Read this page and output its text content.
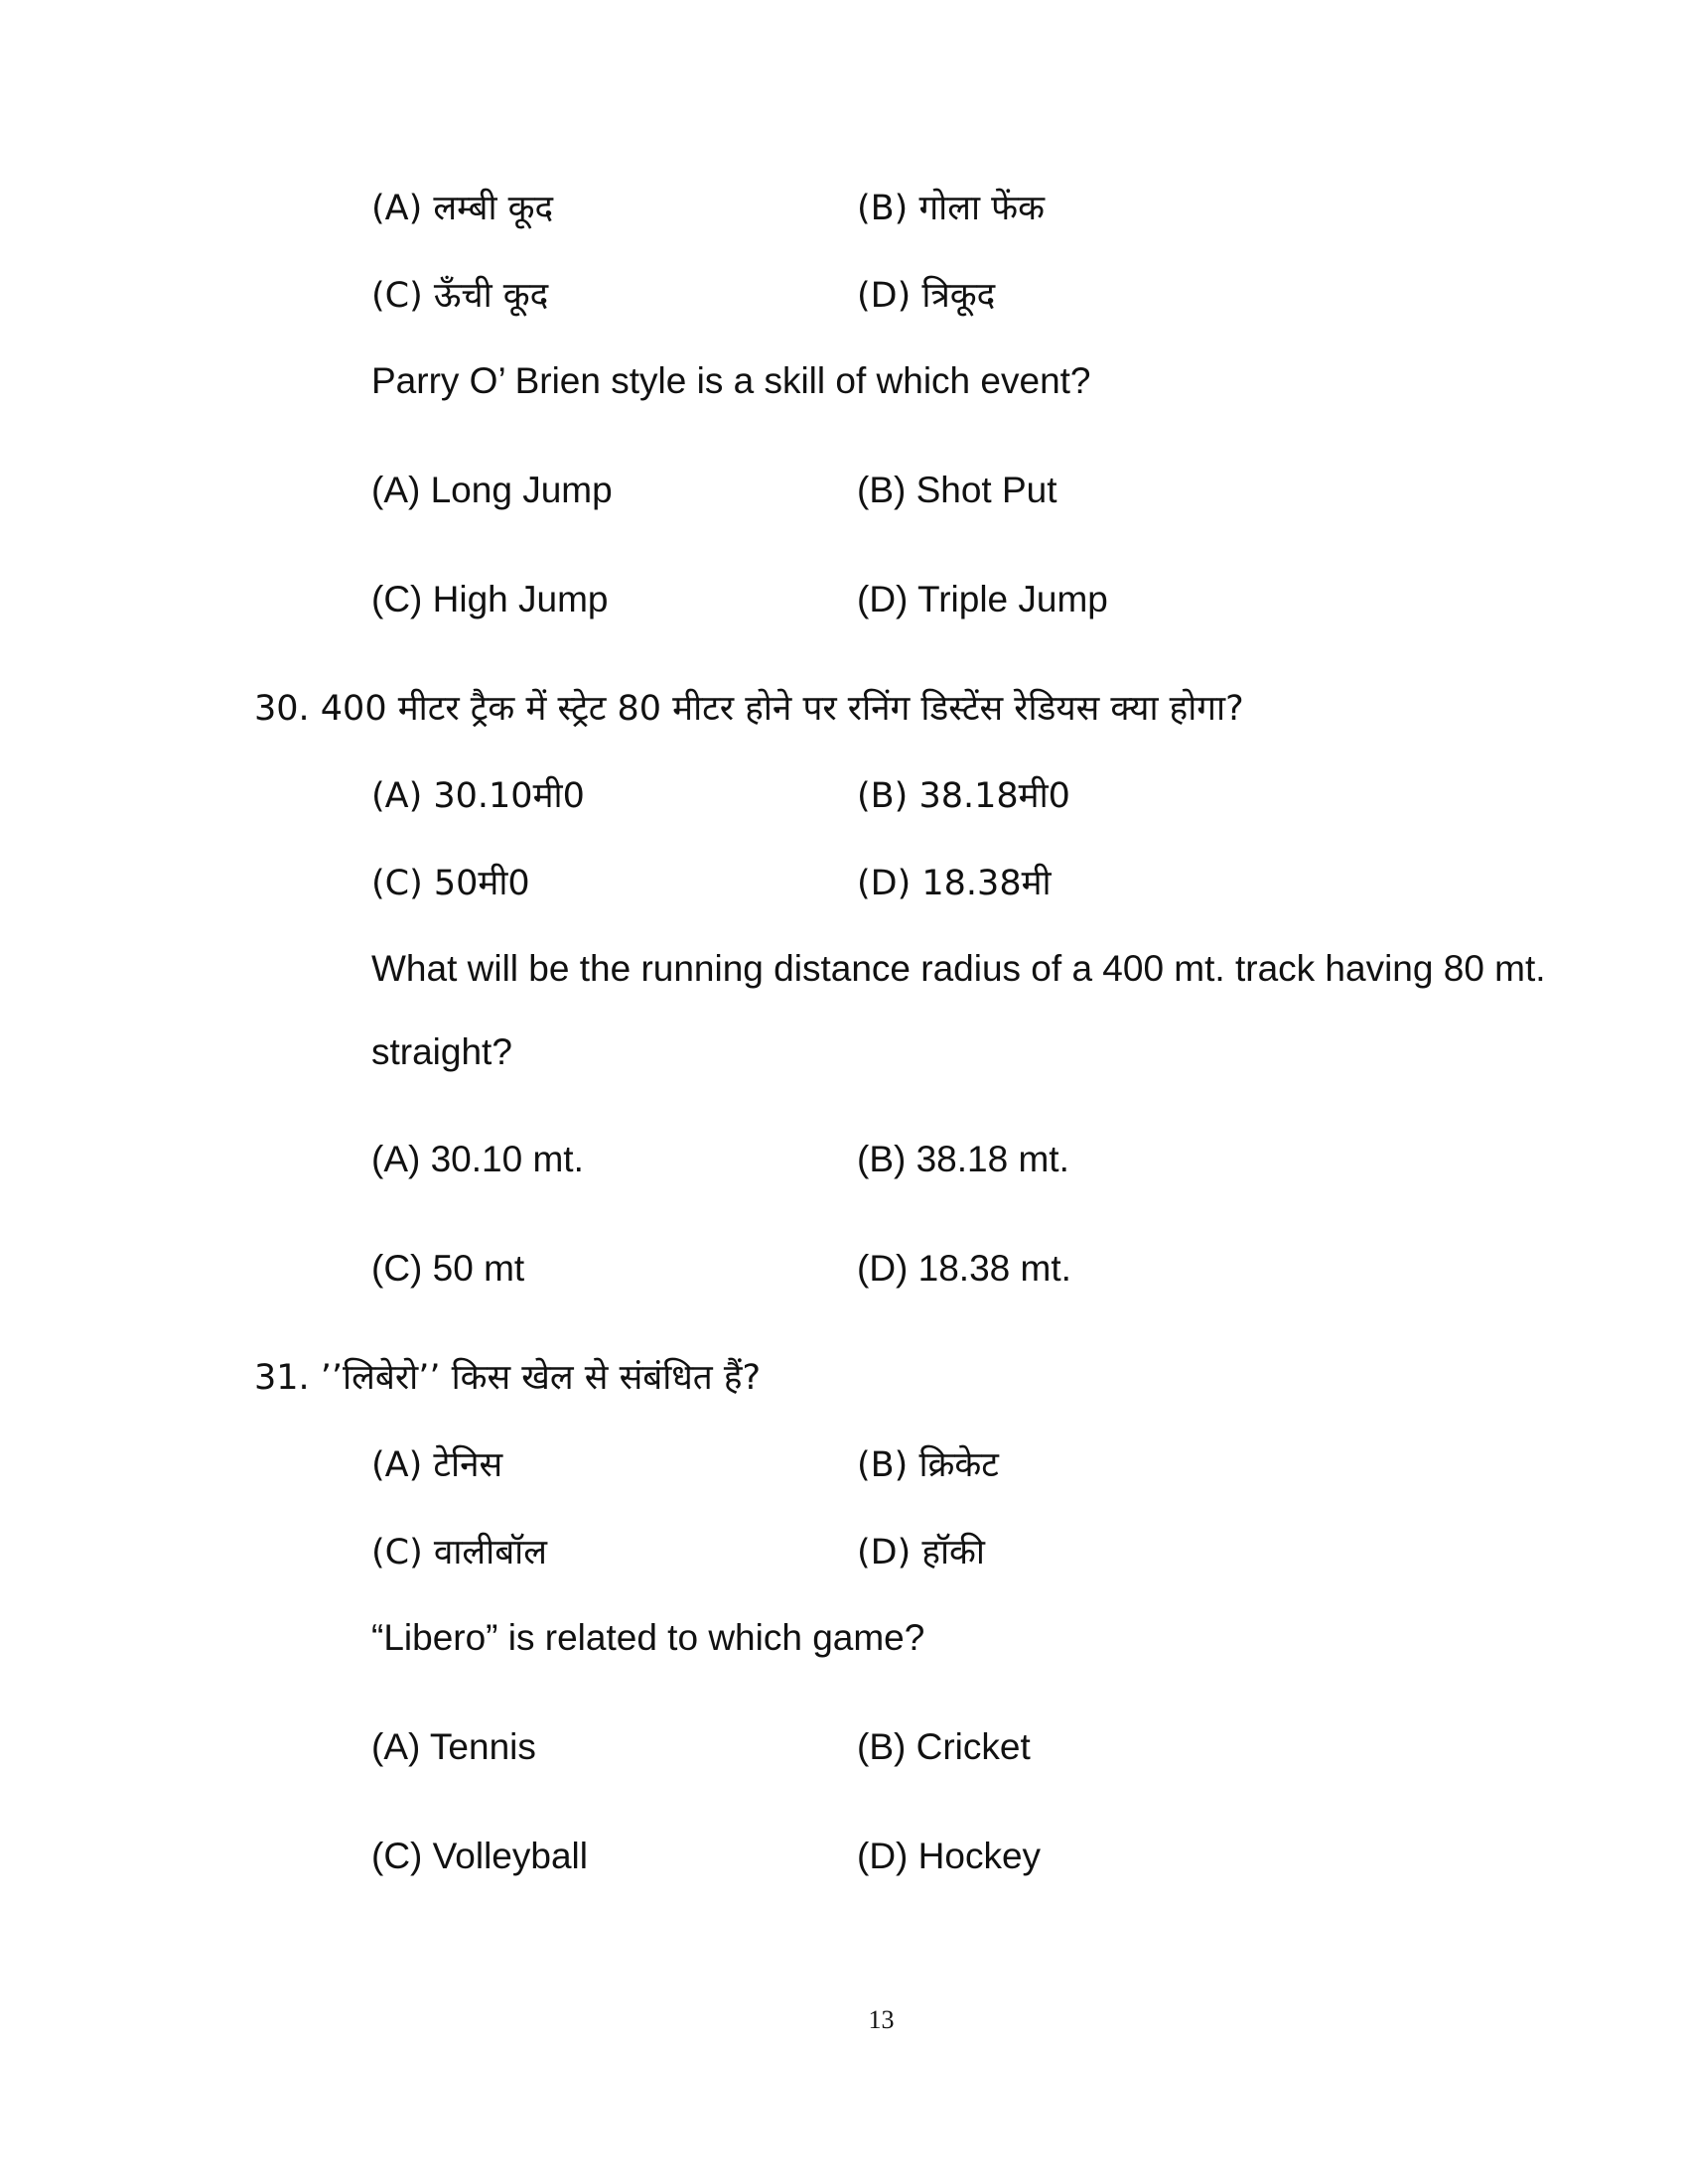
(A) लम्बी कूद	(B) गोला फेंक
(C) ऊँची कूद	(D) त्रिकूद
Parry O’ Brien style is a skill of which event?
(A) Long Jump	(B) Shot Put
(C) High Jump	(D) Triple Jump
30. 400 मीटर ट्रैक में स्ट्रेट 80 मीटर होने पर रनिंग डिस्टेंस रेडियस क्या होगा?
(A) 30.10मी0	(B) 38.18मी0
(C) 50मी0	(D) 18.38मी
What will be the running distance radius of a 400 mt. track having 80 mt. straight?
(A) 30.10 mt.	(B) 38.18 mt.
(C) 50 mt	(D) 18.38 mt.
31. ’’लिबेरो’’ किस खेल से संबंधित हैं?
(A) टेनिस	(B) क्रिकेट
(C) वालीबॉल	(D) हॉकी
“Libero” is related to which game?
(A) Tennis	(B) Cricket
(C) Volleyball	(D) Hockey
13
